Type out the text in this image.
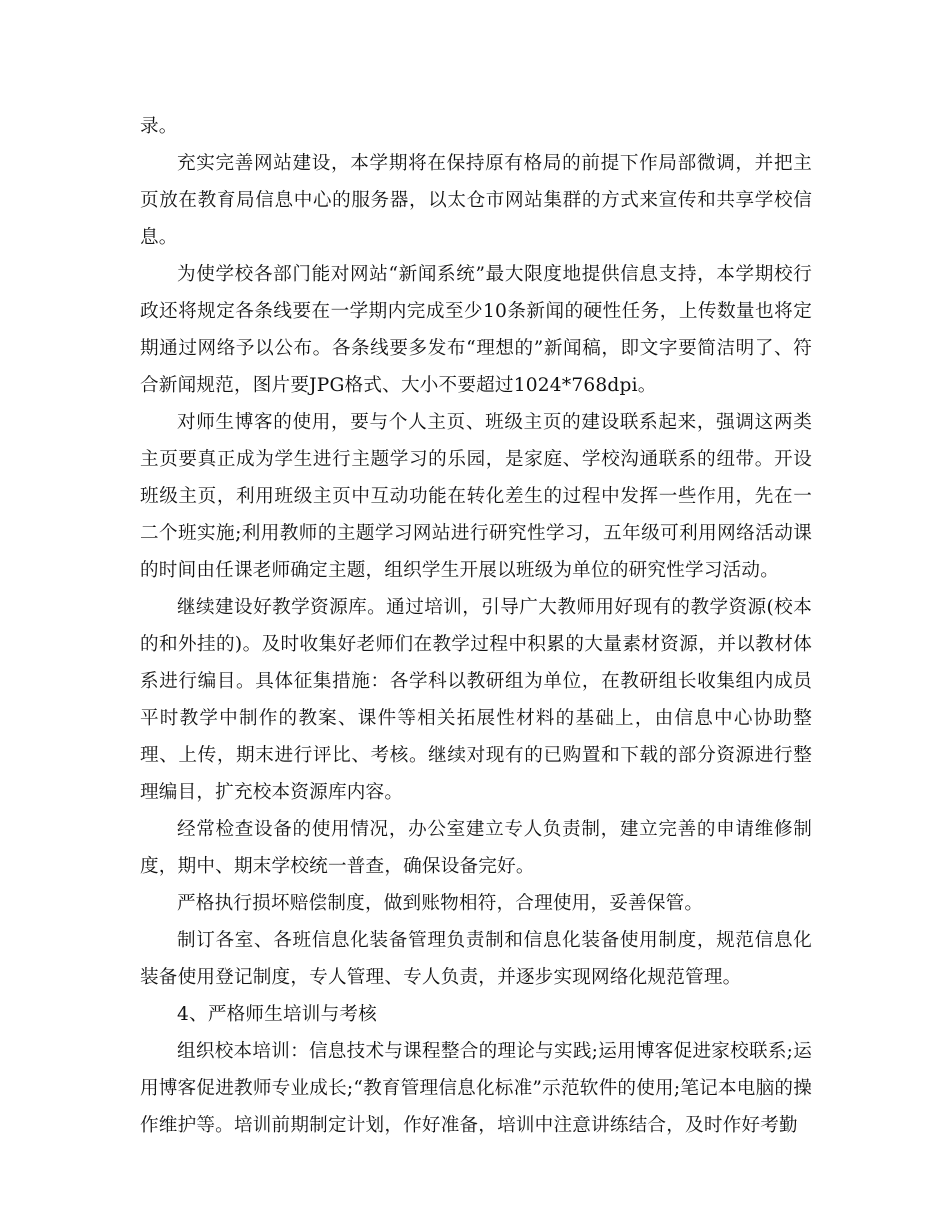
录。

充实完善网站建设，本学期将在保持原有格局的前提下作局部微调，并把主页放在教育局信息中心的服务器，以太仓市网站集群的方式来宣传和共享学校信息。

为使学校各部门能对网站“新闻系统”最大限度地提供信息支持，本学期校行政还将规定各条线要在一学期内完成至少10条新闻的硬性任务，上传数量也将定期通过网络予以公布。各条线要多发布“理想的”新闻稿，即文字要简洁明了、符合新闻规范，图片要JPG格式、大小不要超过1024*768dpi。

对师生博客的使用，要与个人主页、班级主页的建设联系起来，强调这两类主页要真正成为学生进行主题学习的乐园，是家庭、学校沟通联系的纽带。开设班级主页，利用班级主页中互动功能在转化差生的过程中发挥一些作用，先在一二个班实施;利用教师的主题学习网站进行研究性学习，五年级可利用网络活动课的时间由任课老师确定主题，组织学生开展以班级为单位的研究性学习活动。

继续建设好教学资源库。通过培训，引导广大教师用好现有的教学资源(校本的和外挂的)。及时收集好老师们在教学过程中积累的大量素材资源，并以教材体系进行编目。具体征集措施：各学科以教研组为单位，在教研组长收集组内成员平时教学中制作的教案、课件等相关拓展性材料的基础上，由信息中心协助整理、上传，期末进行评比、考核。继续对现有的已购置和下载的部分资源进行整理编目，扩充校本资源库内容。

经常检查设备的使用情况，办公室建立专人负责制，建立完善的申请维修制度，期中、期末学校统一普查，确保设备完好。

严格执行损坏赔偿制度，做到账物相符，合理使用，妥善保管。

制订各室、各班信息化装备管理负责制和信息化装备使用制度，规范信息化装备使用登记制度，专人管理、专人负责，并逐步实现网络化规范管理。

4、严格师生培训与考核

组织校本培训：信息技术与课程整合的理论与实践;运用博客促进家校联系;运用博客促进教师专业成长;“教育管理信息化标准”示范软件的使用;笔记本电脑的操作维护等。培训前期制定计划，作好准备，培训中注意讲练结合，及时作好考勤
